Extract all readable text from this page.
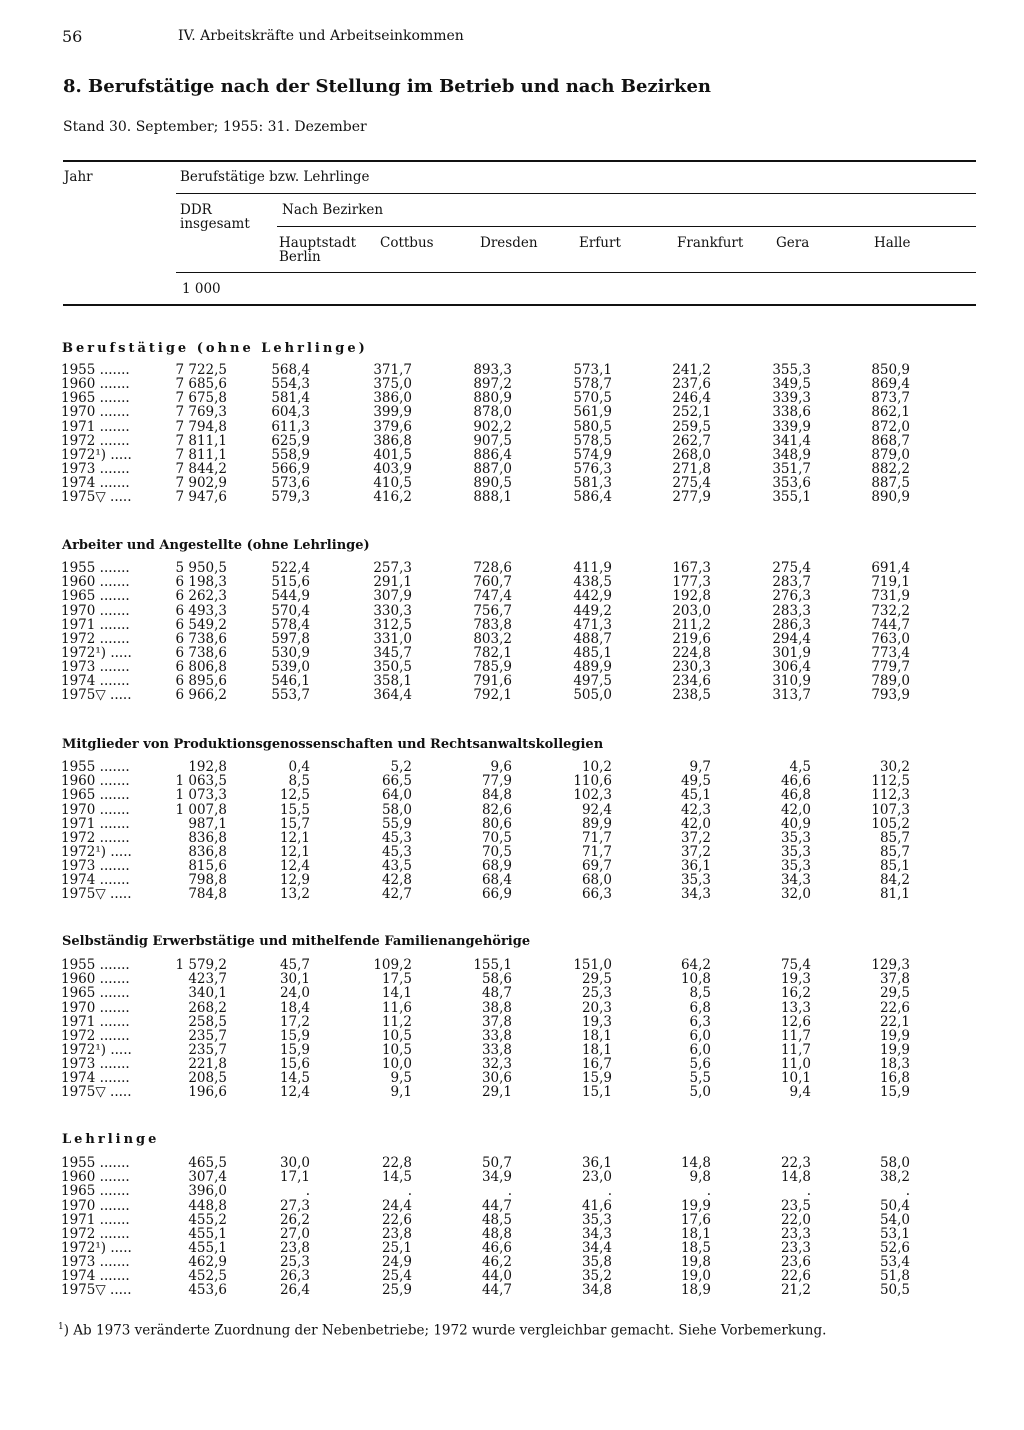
56	IV. Arbeitskräfte und Arbeitseinkommen
8. Berufstätige nach der Stellung im Betrieb und nach Bezirken
Stand 30. September; 1955: 31. Dezember
Jahr	Berufstätige bzw. Lehrlinge
DDR
insgesamt
Nach Bezirken
Hauptstadt
Berlin
Cottbus	Dresden	Erfurt	Frankfurt Gera	Halle
1 000
Berufstätige (ohne Lehrlinge)
1955 .......	7 722,5	568,4	371,7	893,3	573,1	241,2	355,3	850,9
1960 .......	7 685,6	554,3	375,0	897,2	578,7	237,6	349,5	869,4
1965 .......	7 675,8	581,4	386,0	880,9	570,5	246,4	339,3	873,7
1970 .......	7 769,3	604,3	399,9	878,0	561,9	252,1	338,6	862,1
1971 .......	7 794,8	611,3	379,6	902,2	580,5	259,5	339,9	872,0
1972 .......	7 811,1	625,9	386,8	907,5	578,5	262,7	341,4	868,7
1972¹) .....	7 811,1	558,9	401,5	886,4	574,9	268,0	348,9	879,0
1973 .......	7 844,2	566,9	403,9	887,0	576,3	271,8	351,7	882,2
1974 .......	7 902,9	573,6	410,5	890,5	581,3	275,4	353,6	887,5
1975▽ .....	7 947,6	579,3	416,2	888,1	586,4	277,9	355,1	890,9
Arbeiter und Angestellte (ohne Lehrlinge)
1955 .......	5 950,5	522,4	257,3	728,6	411,9	167,3	275,4	691,4
1960 .......	6 198,3	515,6	291,1	760,7	438,5	177,3	283,7	719,1
1965 .......	6 262,3	544,9	307,9	747,4	442,9	192,8	276,3	731,9
1970 .......	6 493,3	570,4	330,3	756,7	449,2	203,0	283,3	732,2
1971 .......	6 549,2	578,4	312,5	783,8	471,3	211,2	286,3	744,7
1972 .......	6 738,6	597,8	331,0	803,2	488,7	219,6	294,4	763,0
1972¹) .....	6 738,6	530,9	345,7	782,1	485,1	224,8	301,9	773,4
1973 .......	6 806,8	539,0	350,5	785,9	489,9	230,3	306,4	779,7
1974 .......	6 895,6	546,1	358,1	791,6	497,5	234,6	310,9	789,0
1975▽ .....	6 966,2	553,7	364,4	792,1	505,0	238,5	313,7	793,9
Mitglieder von Produktionsgenossenschaften und Rechtsanwaltskollegien
1955 .......	192,8	0,4	5,2	9,6	10,2	9,7	4,5	30,2
1960 .......	1 063,5	8,5	66,5	77,9	110,6	49,5	46,6	112,5
1965 .......	1 073,3	12,5	64,0	84,8	102,3	45,1	46,8	112,3
1970 .......	1 007,8	15,5	58,0	82,6	92,4	42,3	42,0	107,3
1971 .......	987,1	15,7	55,9	80,6	89,9	42,0	40,9	105,2
1972 .......	836,8	12,1	45,3	70,5	71,7	37,2	35,3	85,7
1972¹) .....	836,8	12,1	45,3	70,5	71,7	37,2	35,3	85,7
1973 .......	815,6	12,4	43,5	68,9	69,7	36,1	35,3	85,1
1974 .......	798,8	12,9	42,8	68,4	68,0	35,3	34,3	84,2
1975▽ .....	784,8	13,2	42,7	66,9	66,3	34,3	32,0	81,1
Selbständig Erwerbstätige und mithelfende Familienangehörige
1955 .......	1 579,2	45,7	109,2	155,1	151,0	64,2	75,4	129,3
1960 .......	423,7	30,1	17,5	58,6	29,5	10,8	19,3	37,8
1965 .......	340,1	24,0	14,1	48,7	25,3	8,5	16,2	29,5
1970 .......	268,2	18,4	11,6	38,8	20,3	6,8	13,3	22,6
1971 .......	258,5	17,2	11,2	37,8	19,3	6,3	12,6	22,1
1972 .......	235,7	15,9	10,5	33,8	18,1	6,0	11,7	19,9
1972¹) .....	235,7	15,9	10,5	33,8	18,1	6,0	11,7	19,9
1973 .......	221,8	15,6	10,0	32,3	16,7	5,6	11,0	18,3
1974 .......	208,5	14,5	9,5	30,6	15,9	5,5	10,1	16,8
1975▽ .....	196,6	12,4	9,1	29,1	15,1	5,0	9,4	15,9
Lehrlinge
1955 .......	465,5	30,0	22,8	50,7	36,1	14,8	22,3	58,0
1960 .......	307,4	17,1	14,5	34,9	23,0	9,8	14,8	38,2
1965 .......	396,0	.	.	.	.	.	.	.
1970 .......	448,8	27,3	24,4	44,7	41,6	19,9	23,5	50,4
1971 .......	455,2	26,2	22,6	48,5	35,3	17,6	22,0	54,0
1972 .......	455,1	27,0	23,8	48,8	34,3	18,1	23,3	53,1
1972¹) .....	455,1	23,8	25,1	46,6	34,4	18,5	23,3	52,6
1973 .......	462,9	25,3	24,9	46,2	35,8	19,8	23,6	53,4
1974 .......	452,5	26,3	25,4	44,0	35,2	19,0	22,6	51,8
1975▽ .....	453,6	26,4	25,9	44,7	34,8	18,9	21,2	50,5
$^1$) Ab 1973 veränderte Zuordnung der Nebenbetriebe; 1972 wurde vergleichbar gemacht. Siehe Vorbemerkung.
